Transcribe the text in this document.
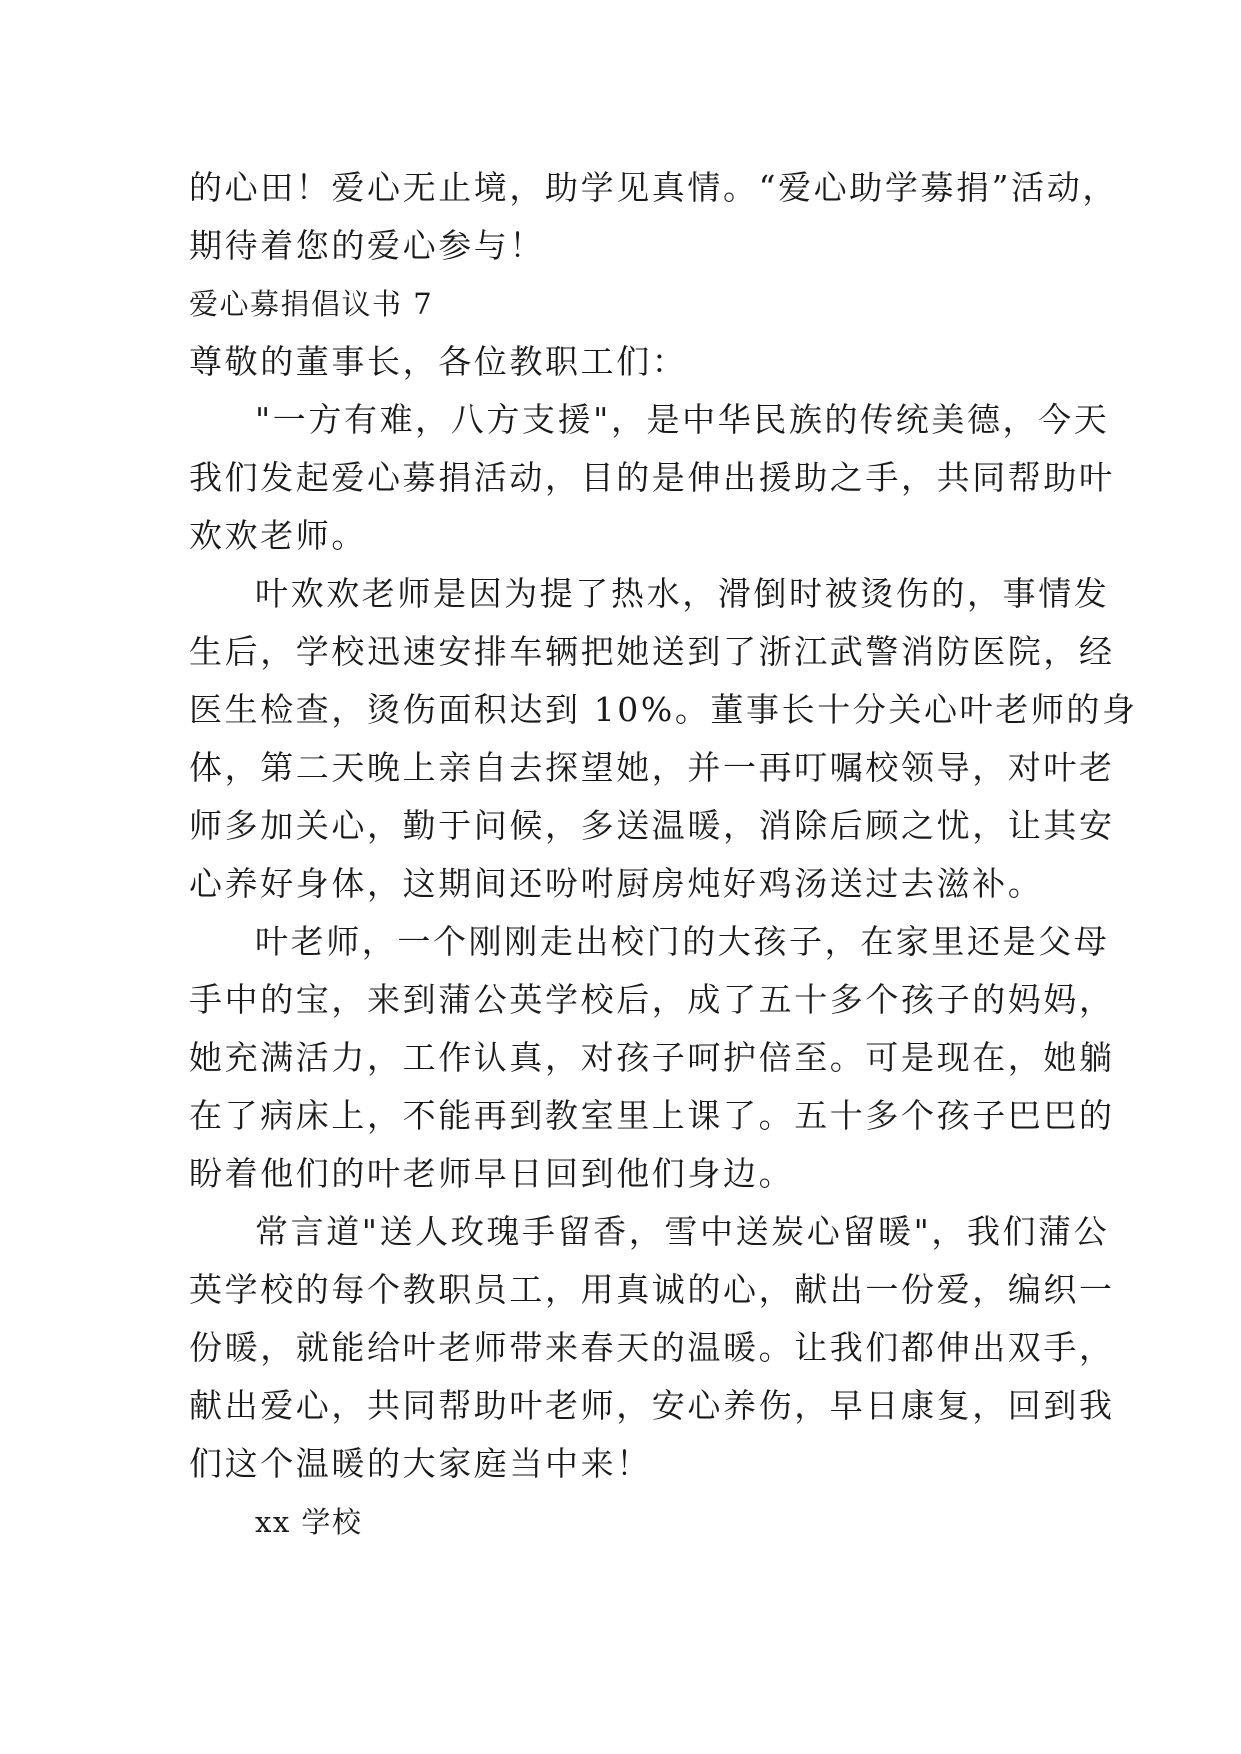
的心田！爱心无止境，助学见真情。“爱心助学募捐”活动，
期待着您的爱心参与！
爱心募捐倡议书 7
尊敬的董事长，各位教职工们：
"一方有难，八方支援"，是中华民族的传统美德，今天
我们发起爱心募捐活动，目的是伸出援助之手，共同帮助叶
欢欢老师。
叶欢欢老师是因为提了热水，滑倒时被烫伤的，事情发
生后，学校迅速安排车辆把她送到了浙江武警消防医院，经
医生检查，烫伤面积达到 10%。董事长十分关心叶老师的身
体，第二天晚上亲自去探望她，并一再叮嘱校领导，对叶老
师多加关心，勤于问候，多送温暖，消除后顾之忧，让其安
心养好身体，这期间还吩咐厨房炖好鸡汤送过去滋补。
叶老师，一个刚刚走出校门的大孩子，在家里还是父母
手中的宝，来到蒲公英学校后，成了五十多个孩子的妈妈，
她充满活力，工作认真，对孩子呵护倍至。可是现在，她躺
在了病床上，不能再到教室里上课了。五十多个孩子巴巴的
盼着他们的叶老师早日回到他们身边。
常言道"送人玫瑰手留香，雪中送炭心留暖"，我们蒲公
英学校的每个教职员工，用真诚的心，献出一份爱，编织一
份暖，就能给叶老师带来春天的温暖。让我们都伸出双手，
献出爱心，共同帮助叶老师，安心养伤，早日康复，回到我
们这个温暖的大家庭当中来！
xx 学校
